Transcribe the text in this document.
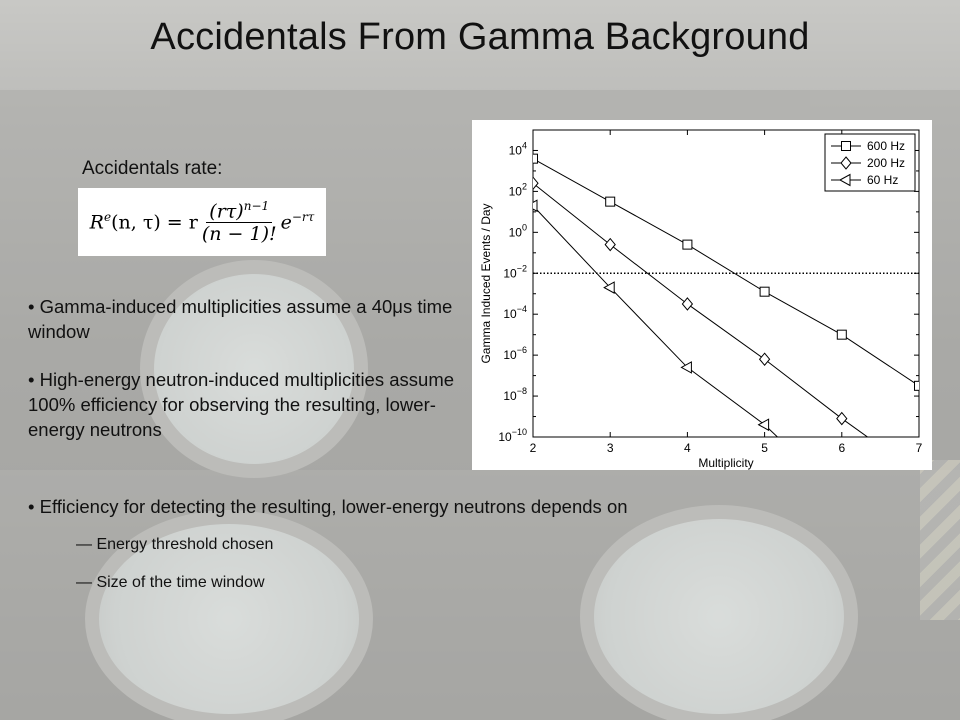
Accidentals From Gamma Background
Accidentals rate:
$R^e(n$, τ) = r $\frac{(r\tau)^{n-1}}{(n - 1)!} e^{-r\tau}$
• Gamma-induced multiplicities assume a 40μs time window
• High-energy neutron-induced multiplicities assume 100% efficiency for observing the resulting, lower-energy neutrons
• Efficiency for detecting the resulting, lower-energy neutrons depends on
— Energy threshold chosen
— Size of the time window
$10^4$
$10^2$
$10^0$
$10^{-2}$
$10^{-4}$
$10^{-6}$
$10^{-8}$
$10^{-10}$
2	3	4	5	6	7
Multiplicity
Gamma Induced Events / Day
600 Hz
200 Hz
60 Hz
